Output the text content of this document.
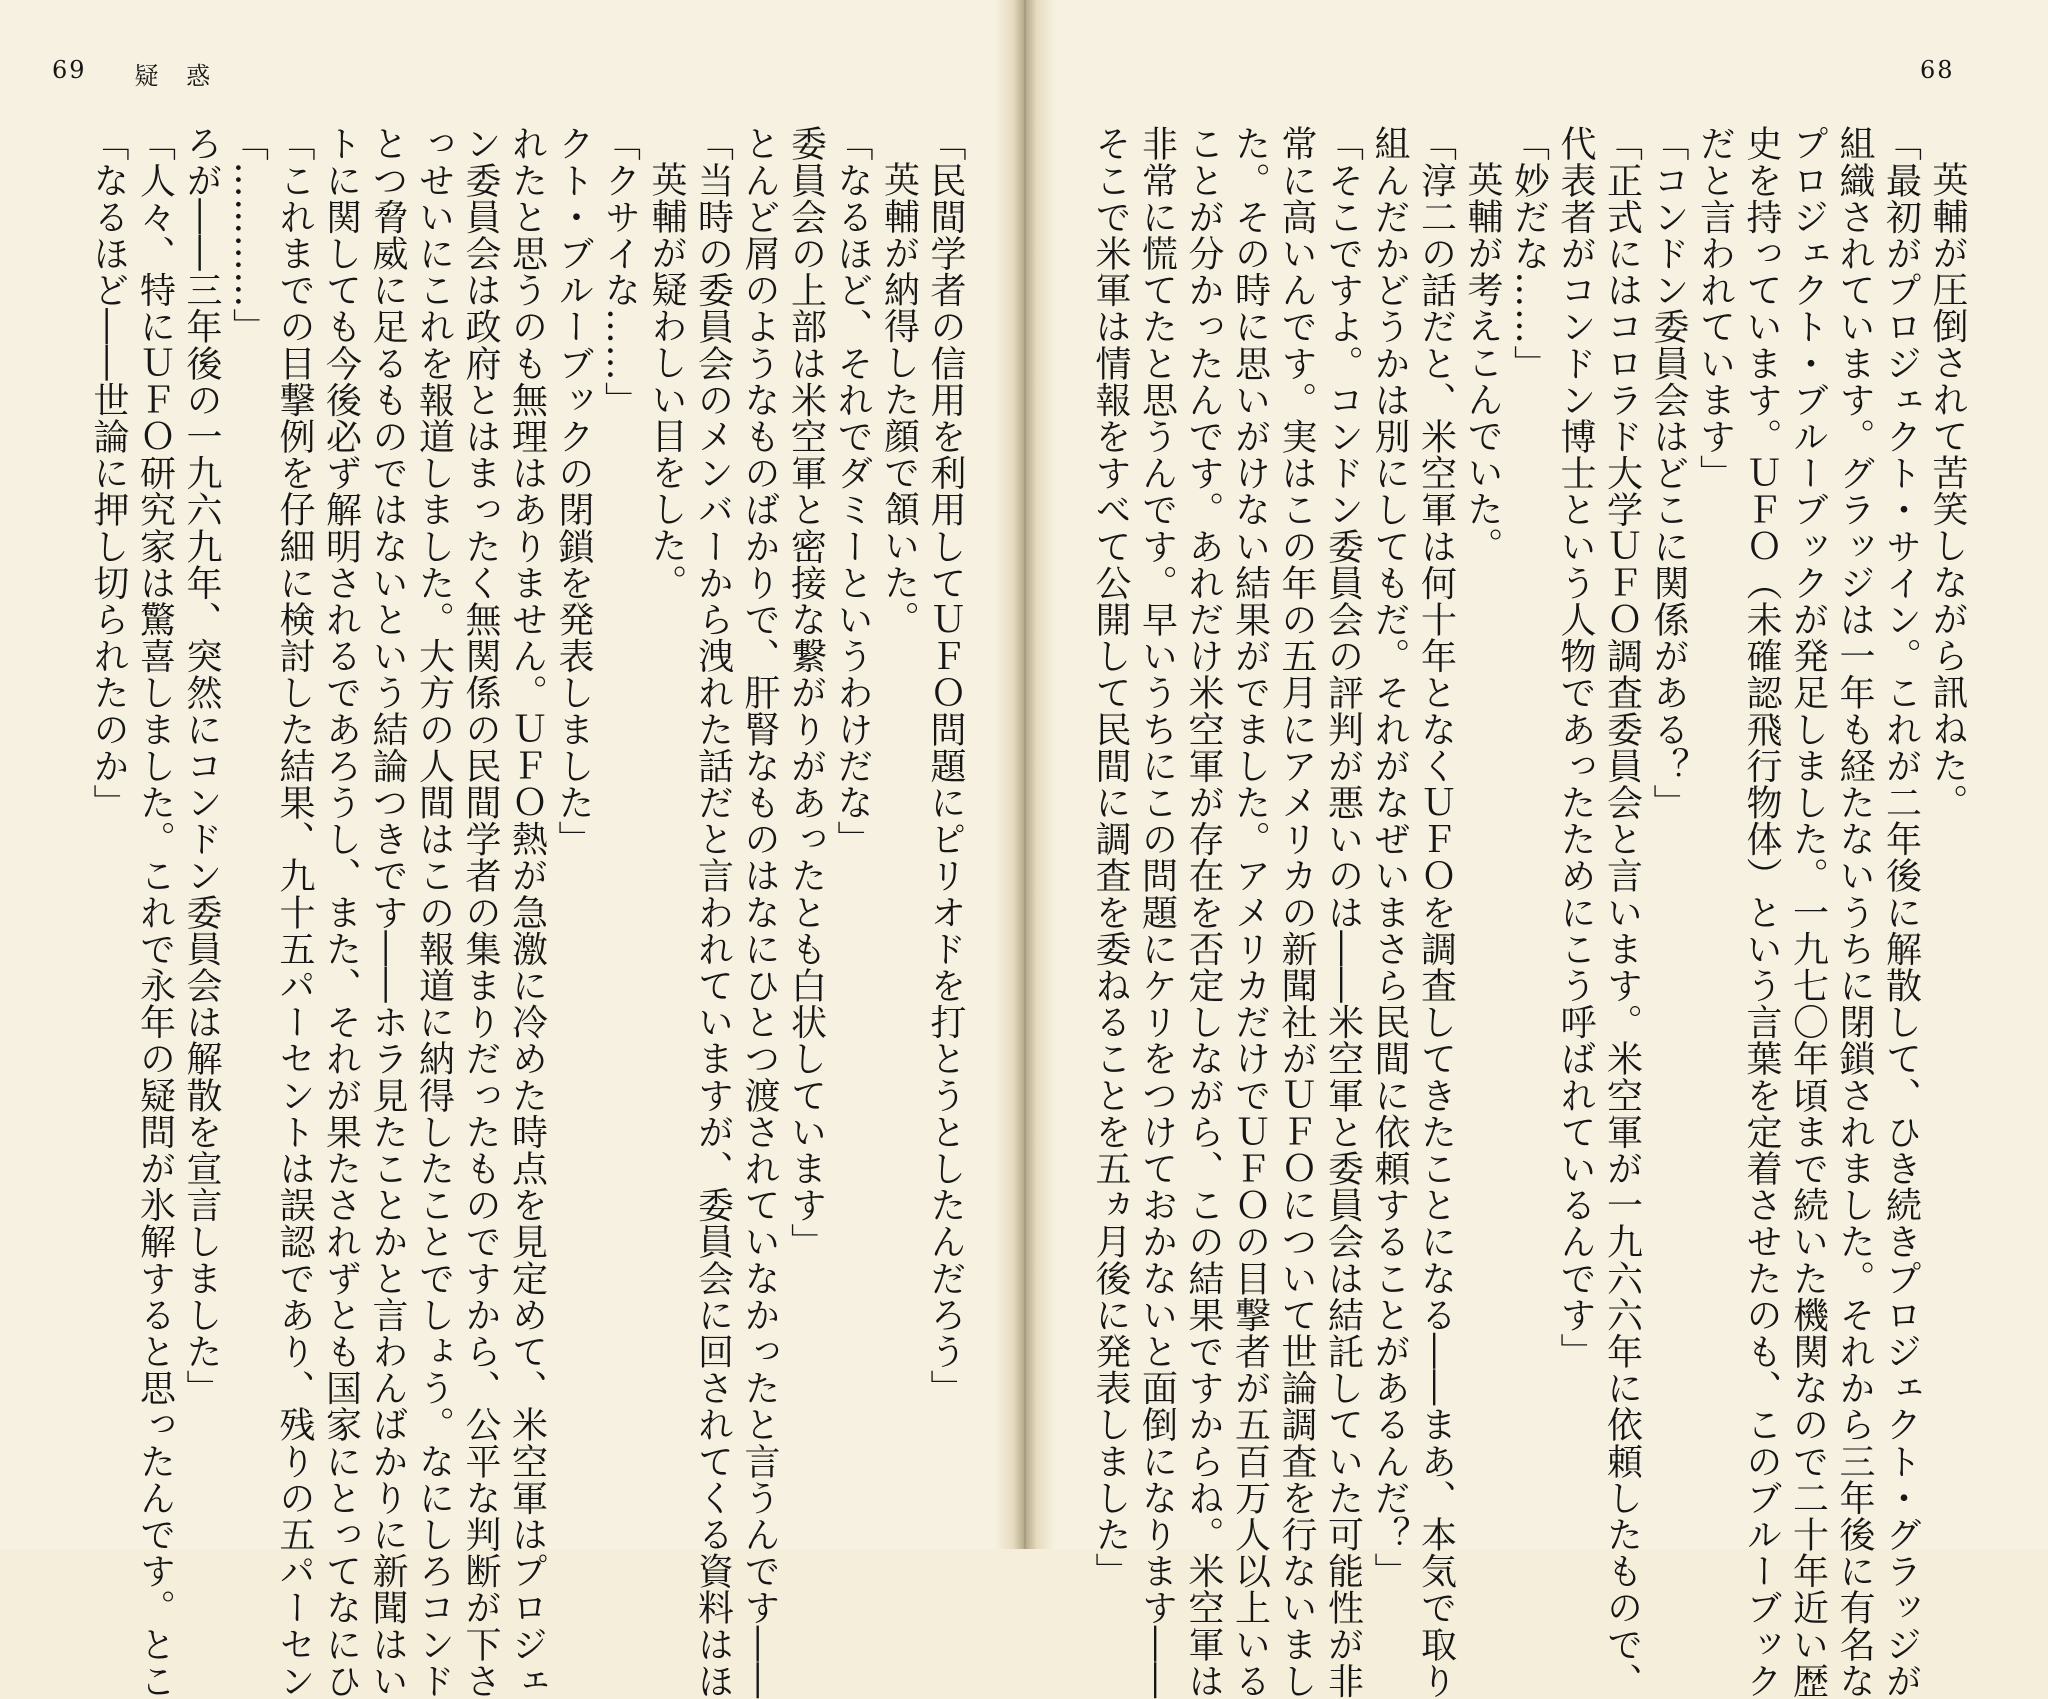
69 疑 惑	68
英輔が圧倒されて苦笑しながら訊ねた。
「最初がプロジェクト・サイン。これが二年後に解散して、ひき続きプロジェクト・グラッジが
組織されています。グラッジは一年も経たないうちに閉鎖されました。それから三年後に有名な
プロジェクト・ブルーブックが発足しました。一九七〇年頃まで続いた機関なので二十年近い歴
史を持っています。ＵＦＯ（未確認飛行物体）という言葉を定着させたのも、このブルーブック
だと言われています」
「コンドン委員会はどこに関係がある？」
「正式にはコロラド大学ＵＦＯ調査委員会と言います。米空軍が一九六六年に依頼したもので、
代表者がコンドン博士という人物であったためにこう呼ばれているんです」
「妙だな……」
英輔が考えこんでいた。
「淳二の話だと、米空軍は何十年となくＵＦＯを調査してきたことになる――まあ、本気で取り
組んだかどうかは別にしてもだ。それがなぜいまさら民間に依頼することがあるんだ？」
「そこですよ。コンドン委員会の評判が悪いのは――米空軍と委員会は結託していた可能性が非
常に高いんです。実はこの年の五月にアメリカの新聞社がＵＦＯについて世論調査を行ないまし
た。その時に思いがけない結果がでました。アメリカだけでＵＦＯの目撃者が五百万人以上いる
ことが分かったんです。あれだけ米空軍が存在を否定しながら、この結果ですからね。米空軍は
非常に慌てたと思うんです。早いうちにこの問題にケリをつけておかないと面倒になります――
そこで米軍は情報をすべて公開して民間に調査を委ねることを五ヵ月後に発表しました」
「民間学者の信用を利用してＵＦＯ問題にピリオドを打とうとしたんだろう」
英輔が納得した顔で頷いた。
「なるほど、それでダミーというわけだな」
委員会の上部は米空軍と密接な繋がりがあったとも白状しています」
とんど屑のようなものばかりで、肝腎なものはなにひとつ渡されていなかったと言うんです――
「当時の委員会のメンバーから洩れた話だと言われていますが、委員会に回されてくる資料はほ
英輔が疑わしい目をした。
「クサイな……」
クト・ブルーブックの閉鎖を発表しました」
れたと思うのも無理はありません。ＵＦＯ熱が急激に冷めた時点を見定めて、米空軍はプロジェ
ン委員会は政府とはまったく無関係の民間学者の集まりだったものですから、公平な判断が下さ
っせいにこれを報道しました。大方の人間はこの報道に納得したことでしょう。なにしろコンド
とつ脅威に足るものではないという結論つきです――ホラ見たことかと言わんばかりに新聞はい
トに関しても今後必ず解明されるであろうし、また、それが果たされずとも国家にとってなにひ
「これまでの目撃例を仔細に検討した結果、九十五パーセントは誤認であり、残りの五パーセン
「…………」
ろが――三年後の一九六九年、突然にコンドン委員会は解散を宣言しました」
「人々、特にＵＦＯ研究家は驚喜しました。これで永年の疑問が氷解すると思ったんです。とこ
「なるほど――世論に押し切られたのか」
